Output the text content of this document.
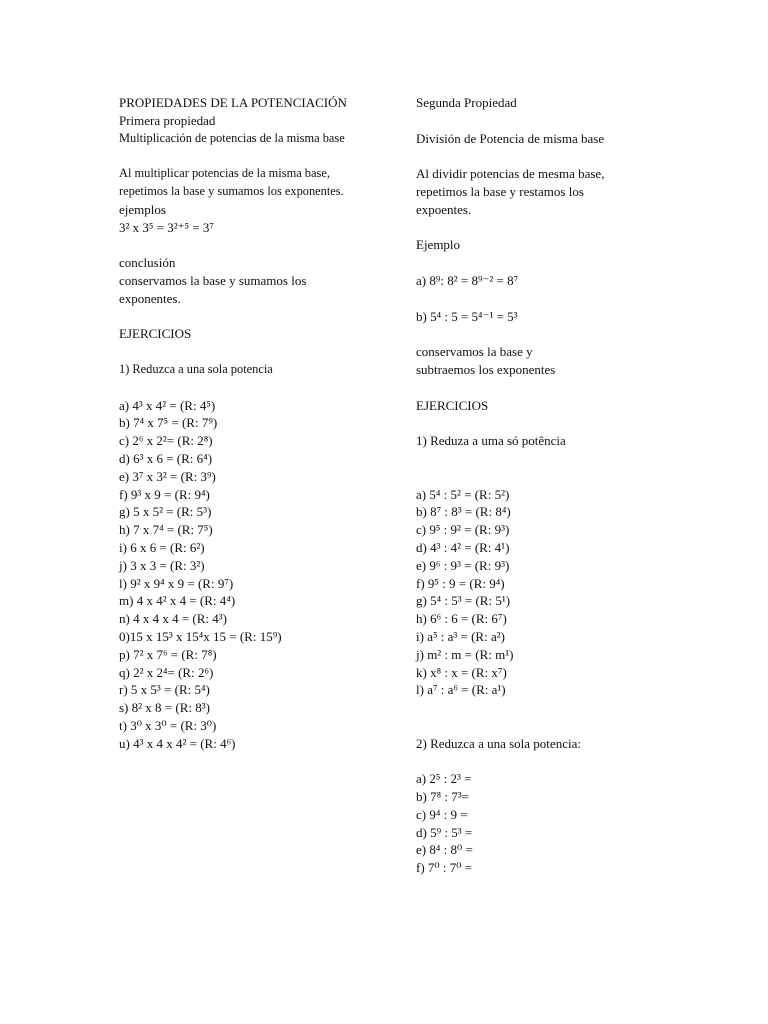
PROPIEDADES DE LA POTENCIACIÓN
Primera propiedad
Multiplicación de potencias de la misma base
Al multiplicar potencias de la misma base,
repetimos la base y sumamos los exponentes.
ejemplos
3² x 3⁵ = 3²⁺⁵ = 3⁷
conclusión
conservamos la base y sumamos los
exponentes.
EJERCICIOS
1) Reduzca a una sola potencia
a) 4³ x 4² = (R: 4⁵)
b) 7⁴ x 7⁵ = (R: 7⁹)
c) 2⁶ x 2²= (R: 2⁸)
d) 6³ x 6 = (R: 6⁴)
e) 3⁷ x 3² = (R: 3⁹)
f) 9³ x 9 = (R: 9⁴)
g) 5 x 5² = (R: 5³)
h) 7 x 7⁴ = (R: 7⁵)
i) 6 x 6 = (R: 6²)
j) 3 x 3 = (R: 3²)
l) 9² x 9⁴ x 9 = (R: 9⁷)
m) 4 x 4² x 4 = (R: 4⁴)
n) 4 x 4 x 4 = (R: 4³)
0)15 x 15³ x 15⁴x 15 = (R: 15⁹)
p) 7² x 7⁶ = (R: 7⁸)
q) 2² x 2⁴= (R: 2⁶)
r) 5 x 5³ = (R: 5⁴)
s) 8² x 8 = (R: 8³)
t) 3⁰ x 3⁰ = (R: 3⁰)
u) 4³ x 4 x 4² = (R: 4⁶)
Segunda Propiedad
División de Potencia de misma base
Al dividir potencias de mesma base,
repetimos la base y restamos los
expoentes.
Ejemplo
a) 8⁹: 8² = 8⁹⁻² = 8⁷
b) 5⁴ : 5 = 5⁴⁻¹ = 5³
conservamos la base y
subtraemos los exponentes
EJERCICIOS
1) Reduza a uma só potência
a) 5⁴ : 5² = (R: 5²)
b) 8⁷ : 8³ = (R: 8⁴)
c) 9⁵ : 9² = (R: 9³)
d) 4³ : 4² = (R: 4¹)
e) 9⁶ : 9³ = (R: 9³)
f) 9⁵ : 9 = (R: 9⁴)
g) 5⁴ : 5³ = (R: 5¹)
h) 6⁶ : 6 = (R: 6⁷)
i) a⁵ : a³ = (R: a²)
j) m² : m = (R: m¹)
k) x⁸ : x = (R: x⁷)
l) a⁷ : a⁶ = (R: a¹)
2) Reduzca a una sola potencia:
a) 2⁵ : 2³ =
b) 7⁸ : 7³=
c) 9⁴ : 9 =
d) 5⁹ : 5³ =
e) 8⁴ : 8⁰ =
f) 7⁰ : 7⁰ =
